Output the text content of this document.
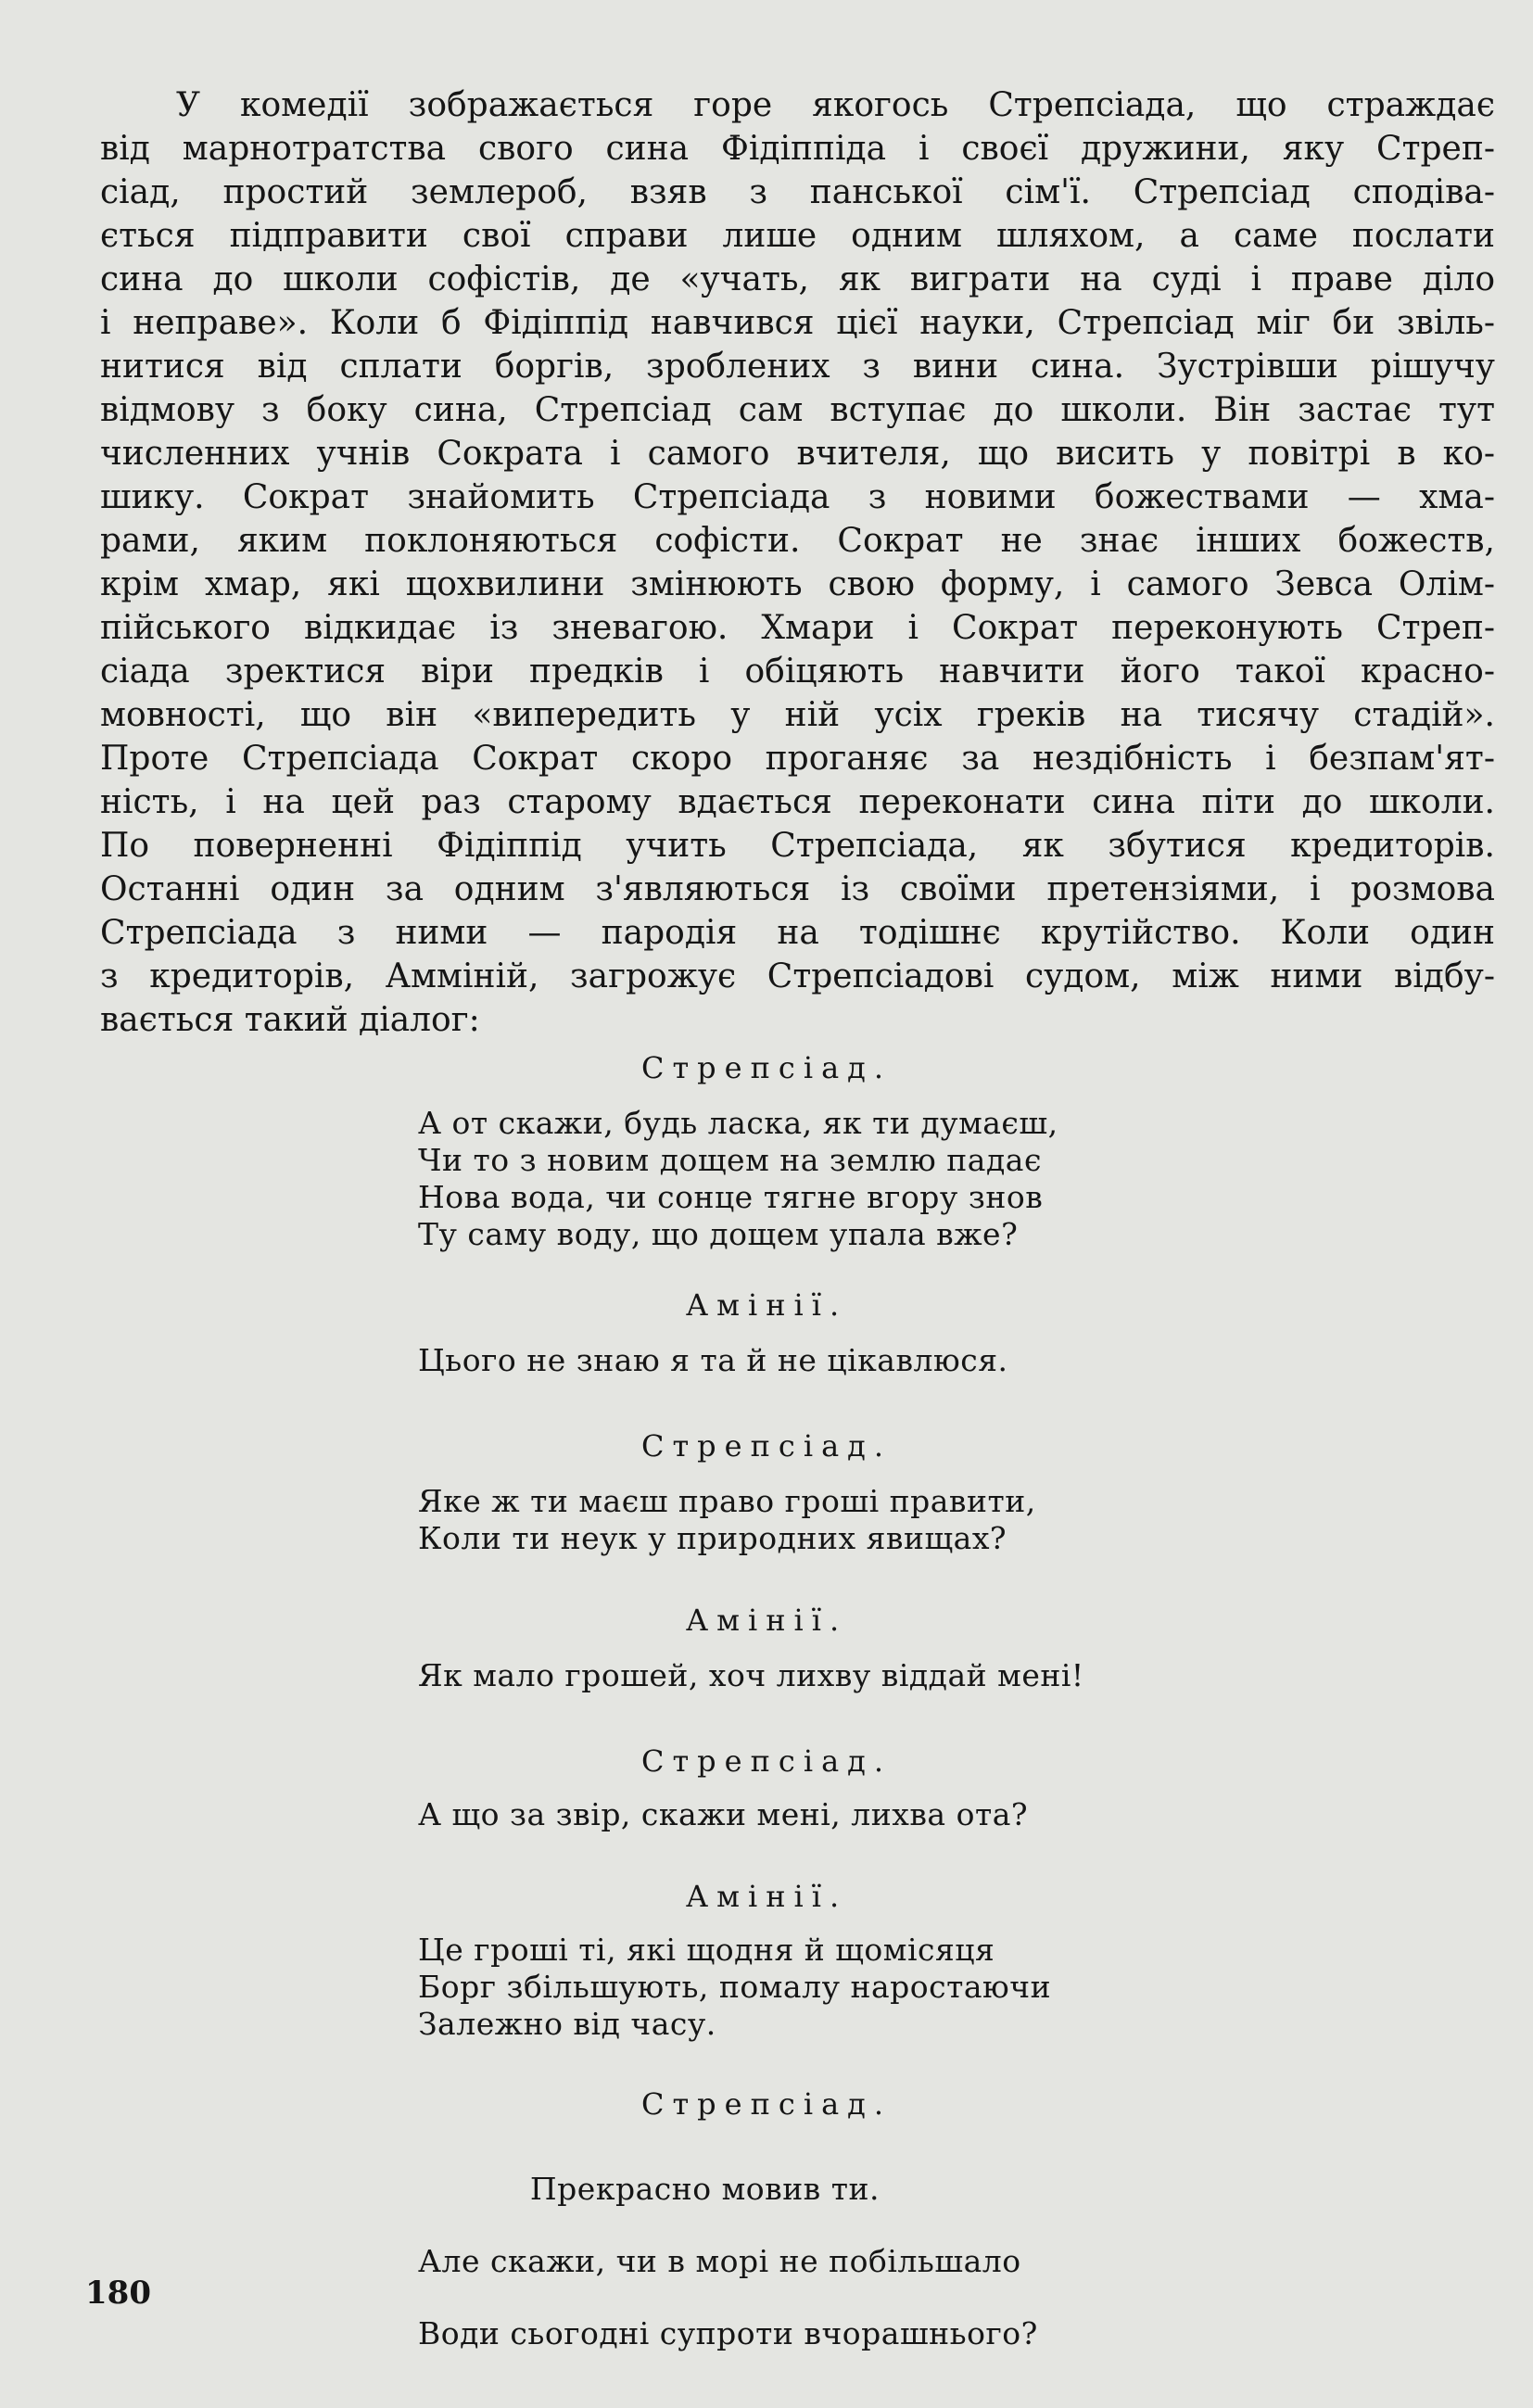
У комедії зображається горе якогось Стрепсіада, що страждає
від марнотратства свого сина Фідіппіда і своєї дружини, яку Стреп-
сіад, простий землероб, взяв з панської сім'ї. Стрепсіад сподіва-
ється підправити свої справи лише одним шляхом, а саме послати
сина до школи софістів, де «учать, як виграти на суді і праве діло
і неправе». Коли б Фідіппід навчився цієї науки, Стрепсіад міг би звіль-
нитися від сплати боргів, зроблених з вини сина. Зустрівши рішучу
відмову з боку сина, Стрепсіад сам вступає до школи. Він застає тут
численних учнів Сократа і самого вчителя, що висить у повітрі в ко-
шику. Сократ знайомить Стрепсіада з новими божествами — хма-
рами, яким поклоняються софісти. Сократ не знає інших божеств,
крім хмар, які щохвилини змінюють свою форму, і самого Зевса Олім-
пійського відкидає із зневагою. Хмари і Сократ переконують Стреп-
сіада зректися віри предків і обіцяють навчити його такої красно-
мовності, що він «випередить у ній усіх греків на тисячу стадій».
Проте Стрепсіада Сократ скоро проганяє за нездібність і безпам'ят-
ність, і на цей раз старому вдається переконати сина піти до школи.
По поверненні Фідіппід учить Стрепсіада, як збутися кредиторів.
Останні один за одним з'являються із своїми претензіями, і розмова
Стрепсіада з ними — пародія на тодішнє крутійство. Коли один
з кредиторів, Амміній, загрожує Стрепсіадові судом, між ними відбу-
вається такий діалог:
Стрепсіад.
А от скажи, будь ласка, як ти думаєш,
Чи то з новим дощем на землю падає
Нова вода, чи сонце тягне вгору знов
Ту саму воду, що дощем упала вже?
Амінії.
Цього не знаю я та й не цікавлюся.
Стрепсіад.
Яке ж ти маєш право гроші правити,
Коли ти неук у природних явищах?
Амінії.
Як мало грошей, хоч лихву віддай мені!
Стрепсіад.
А що за звір, скажи мені, лихва ота?
Амінії.
Це гроші ті, які щодня й щомісяця
Борг збільшують, помалу наростаючи
Залежно від часу.
Стрепсіад.

Прекрасно мовив ти.

Але скажи, чи в морі не побільшало

Води сьогодні супроти вчорашнього?

180
